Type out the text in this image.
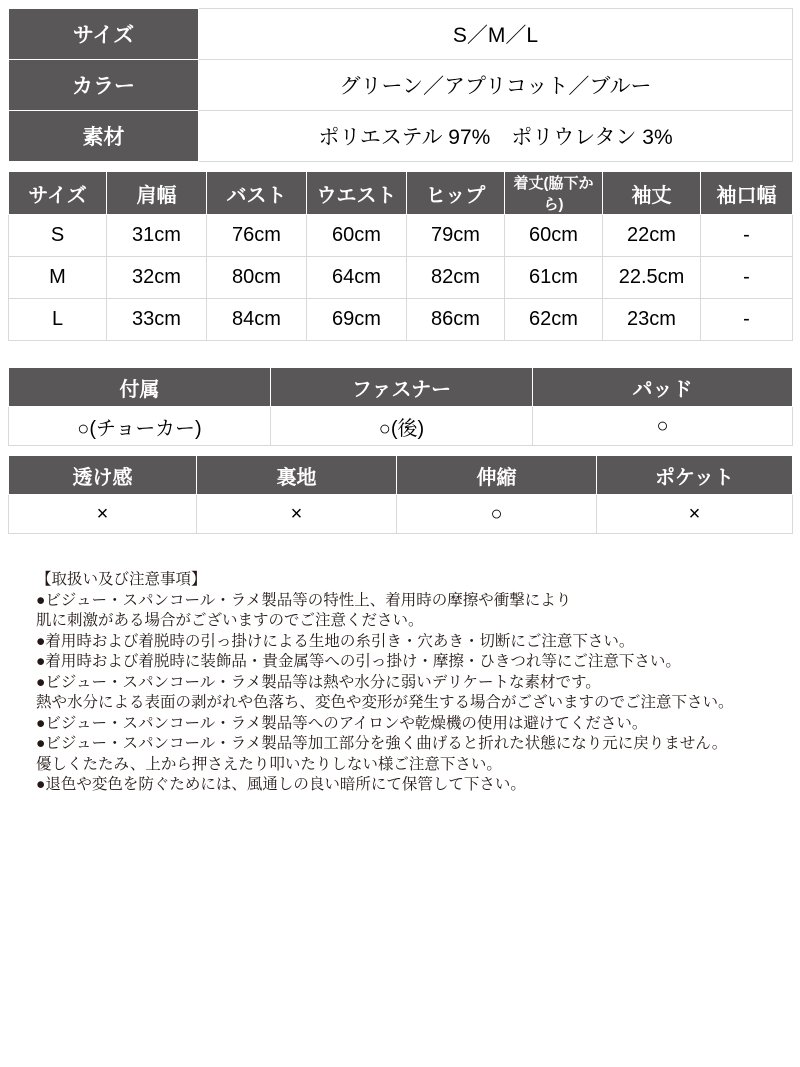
サイズ	S／M／L
カラー	グリーン／アプリコット／ブルー
素材	ポリエステル 97%　ポリウレタン 3%
サイズ	肩幅	バスト	ウエスト	ヒップ	着丈(脇下から)	袖丈	袖口幅
S	31cm	76cm	60cm	79cm	60cm	22cm	-
M	32cm	80cm	64cm	82cm	61cm	22.5cm	-
L	33cm	84cm	69cm	86cm	62cm	23cm	-
付属	ファスナー	パッド
○(チョーカー)	○(後)	○
透け感	裏地	伸縮	ポケット
×	×	○	×
【取扱い及び注意事項】
●ビジュー・スパンコール・ラメ製品等の特性上、着用時の摩擦や衝撃により
肌に刺激がある場合がございますのでご注意ください。
●着用時および着脱時の引っ掛けによる生地の糸引き・穴あき・切断にご注意下さい。
●着用時および着脱時に装飾品・貴金属等への引っ掛け・摩擦・ひきつれ等にご注意下さい。
●ビジュー・スパンコール・ラメ製品等は熱や水分に弱いデリケートな素材です。
熱や水分による表面の剥がれや色落ち、変色や変形が発生する場合がございますのでご注意下さい。
●ビジュー・スパンコール・ラメ製品等へのアイロンや乾燥機の使用は避けてください。
●ビジュー・スパンコール・ラメ製品等加工部分を強く曲げると折れた状態になり元に戻りません。
優しくたたみ、上から押さえたり叩いたりしない様ご注意下さい。
●退色や変色を防ぐためには、風通しの良い暗所にて保管して下さい。
